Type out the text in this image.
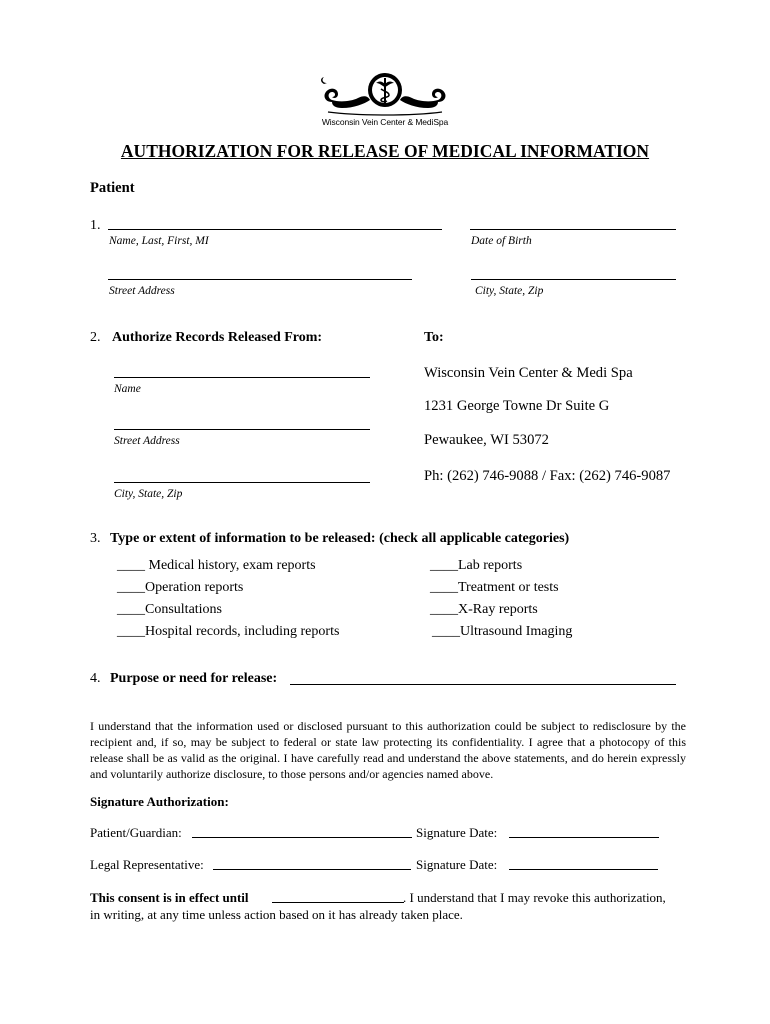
Wisconsin Vein Center & MediSpa
AUTHORIZATION FOR RELEASE OF MEDICAL INFORMATION
Patient
1.
Name, Last, First, MI	Date of Birth
Street Address	City, State, Zip
2. Authorize Records Released From:	To:
Name
Street Address
City, State, Zip
Wisconsin Vein Center & Medi Spa
1231 George Towne Dr Suite G
Pewaukee, WI 53072
Ph: (262) 746-9088 / Fax: (262) 746-9087
3. Type or extent of information to be released: (check all applicable categories)
____ Medical history, exam reports
____Operation reports
____Consultations
____Hospital records, including reports
____Lab reports
____Treatment or tests
____X-Ray reports
____Ultrasound Imaging
4. Purpose or need for release:

I understand that the information used or disclosed pursuant to this authorization could be subject to redisclosure by the recipient and, if so, may be subject to federal or state law protecting its confidentiality. I agree that a photocopy of this release shall be as valid as the original. I have carefully read and understand the above statements, and do herein expressly and voluntarily authorize disclosure, to those persons and/or agencies named above.

Signature Authorization:
Patient/Guardian:	Signature Date:
Legal Representative:	Signature Date:
This consent is in effect until	. I understand that I may revoke this authorization,
in writing, at any time unless action based on it has already taken place.
